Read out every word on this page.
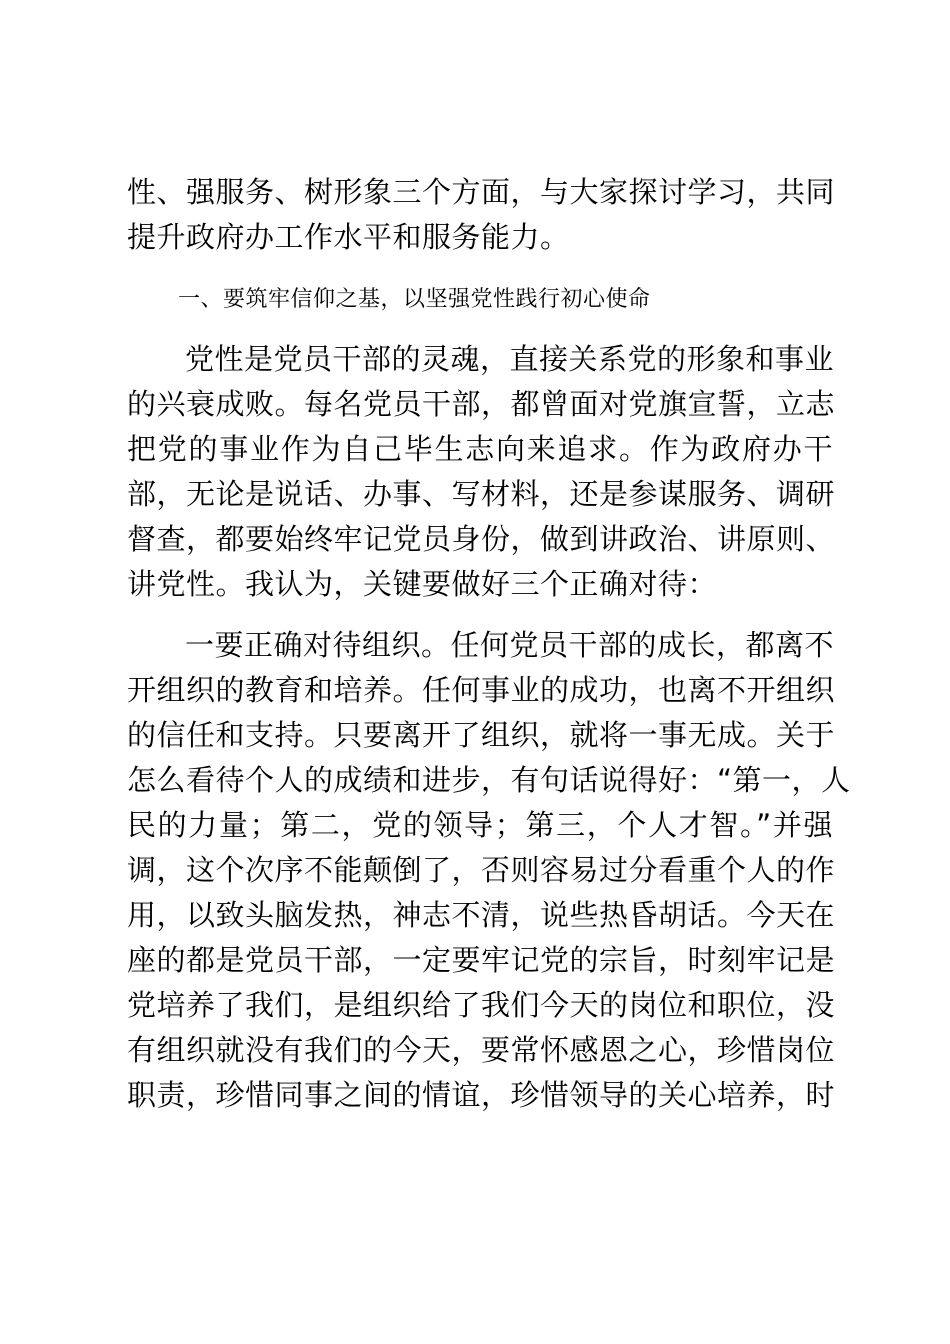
性、强服务、树形象三个方面，与大家探讨学习，共同
提升政府办工作水平和服务能力。
一、要筑牢信仰之基，以坚强党性践行初心使命
党性是党员干部的灵魂，直接关系党的形象和事业
的兴衰成败。每名党员干部，都曾面对党旗宣誓，立志
把党的事业作为自己毕生志向来追求。作为政府办干
部，无论是说话、办事、写材料，还是参谋服务、调研
督查，都要始终牢记党员身份，做到讲政治、讲原则、
讲党性。我认为，关键要做好三个正确对待：
一要正确对待组织。任何党员干部的成长，都离不
开组织的教育和培养。任何事业的成功，也离不开组织
的信任和支持。只要离开了组织，就将一事无成。关于
怎么看待个人的成绩和进步，有句话说得好：“第一，人
民的力量；第二，党的领导；第三，个人才智。”并强
调，这个次序不能颠倒了，否则容易过分看重个人的作
用，以致头脑发热，神志不清，说些热昏胡话。今天在
座的都是党员干部，一定要牢记党的宗旨，时刻牢记是
党培养了我们，是组织给了我们今天的岗位和职位，没
有组织就没有我们的今天，要常怀感恩之心，珍惜岗位
职责，珍惜同事之间的情谊，珍惜领导的关心培养，时
